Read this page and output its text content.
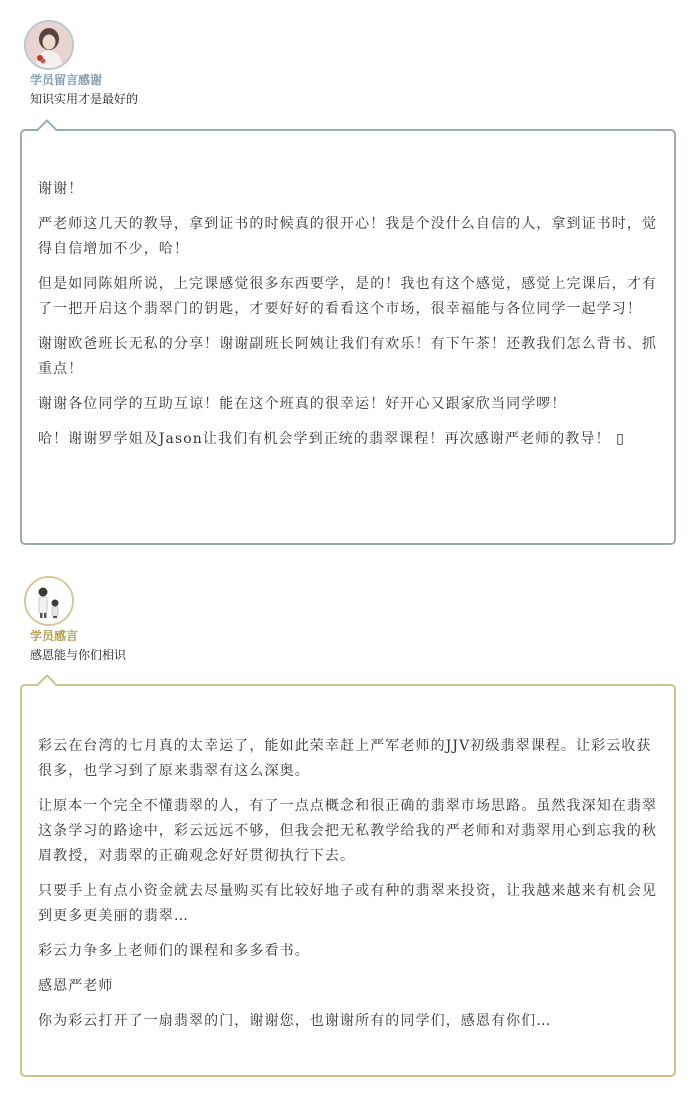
学员留言感谢
知识实用才是最好的

谢谢！

严老师这几天的教导，拿到证书的时候真的很开心！我是个没什么自信的人，拿到证书时，觉得自信增加不少，哈！

但是如同陈姐所说，上完课感觉很多东西要学，是的！我也有这个感觉，感觉上完课后，才有了一把开启这个翡翠门的钥匙，才要好好的看看这个市场，很幸福能与各位同学一起学习！

谢谢欧爸班长无私的分享！谢谢副班长阿姨让我们有欢乐！有下午茶！还教我们怎么背书、抓重点！

谢谢各位同学的互助互谅！能在这个班真的很幸运！好开心又跟家欣当同学啰！

哈！谢谢罗学姐及Jason让我们有机会学到正统的翡翠课程！再次感谢严老师的教导！ ▯

学员感言
感恩能与你们相识

彩云在台湾的七月真的太幸运了，能如此荣幸赶上严军老师的JJV初级翡翠课程。让彩云收获很多，也学习到了原来翡翠有这么深奥。

让原本一个完全不懂翡翠的人，有了一点点概念和很正确的翡翠市场思路。虽然我深知在翡翠这条学习的路途中，彩云远远不够，但我会把无私教学给我的严老师和对翡翠用心到忘我的秋眉教授，对翡翠的正确观念好好贯彻执行下去。

只要手上有点小资金就去尽量购买有比较好地子或有种的翡翠来投资，让我越来越来有机会见到更多更美丽的翡翠…

彩云力争多上老师们的课程和多多看书。

感恩严老师

你为彩云打开了一扇翡翠的门，谢谢您，也谢谢所有的同学们，感恩有你们…
